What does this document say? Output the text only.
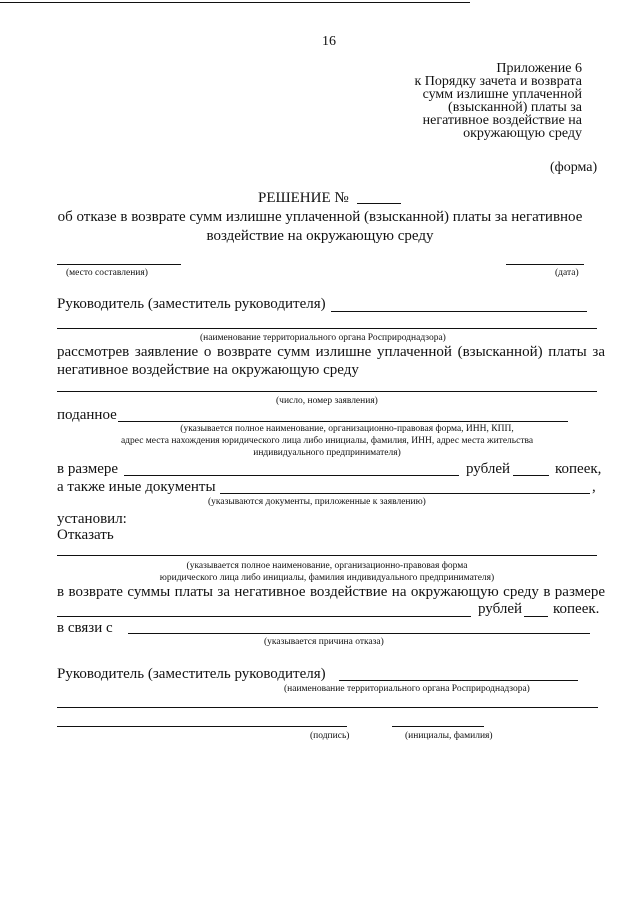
16
Приложение 6
к Порядку зачета и возврата
сумм излишне уплаченной
(взысканной) платы за
негативное воздействие на
окружающую среду
(форма)
РЕШЕНИЕ №
об отказе в возврате сумм излишне уплаченной (взысканной) платы за негативное
воздействие на окружающую среду
(место составления)	(дата)
Руководитель (заместитель руководителя)
(наименование территориального органа Росприроднадзора)
рассмотрев заявление о возврате сумм излишне уплаченной (взысканной) платы за
негативное воздействие на окружающую среду
(число, номер заявления)
поданное
(указывается полное наименование, организационно-правовая форма, ИНН, КПП,
адрес места нахождения юридического лица либо инициалы, фамилия, ИНН, адрес места жительства
индивидуального предпринимателя)
в размере	рублей	копеек,
а также иные документы	,
(указываются документы, приложенные к заявлению)
установил:
Отказать
(указывается полное наименование, организационно-правовая форма
юридического лица либо инициалы, фамилия индивидуального предпринимателя)
в возврате суммы платы за негативное воздействие на окружающую среду в размере
рублей копеек.
в связи с
(указывается причина отказа)
Руководитель (заместитель руководителя)
(наименование территориального органа Росприроднадзора)
(подпись)	(инициалы, фамилия)
